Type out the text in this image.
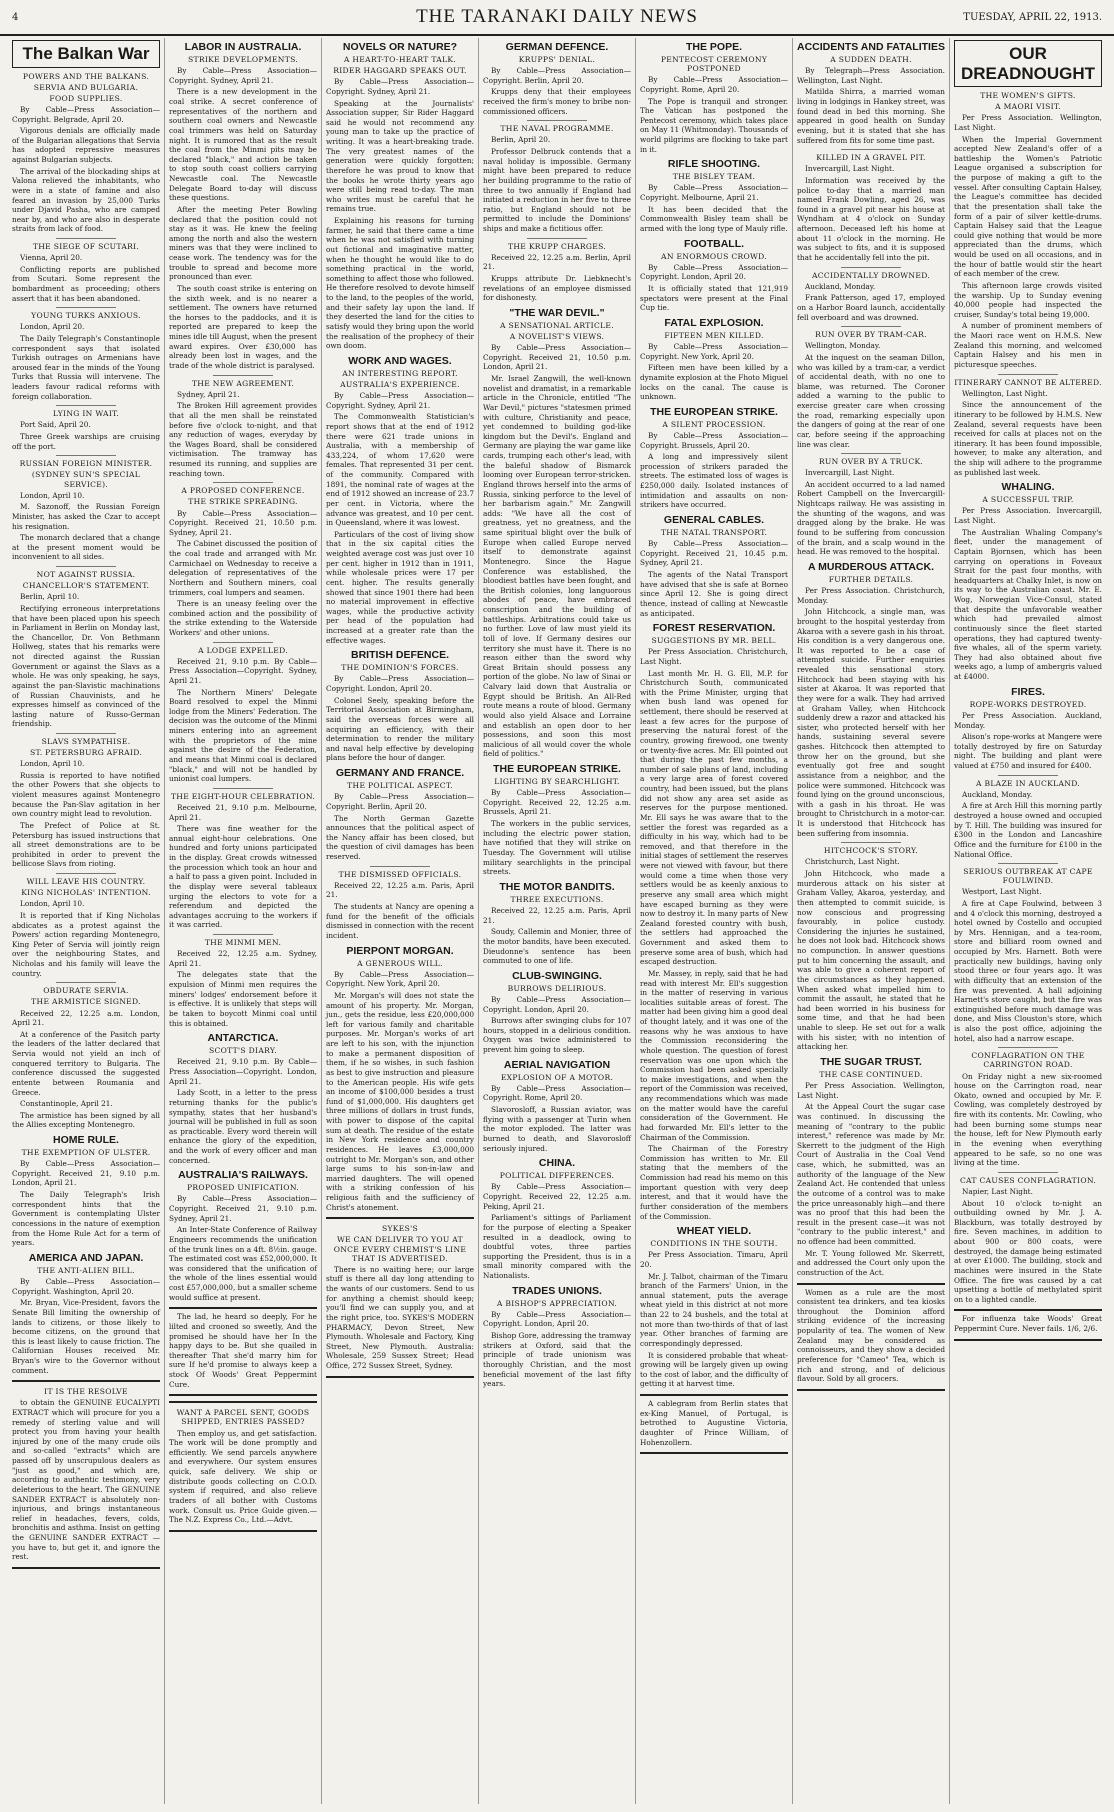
4	THE TARANAKI DAILY NEWS	TUESDAY, APRIL 22, 1913.
The Balkan War
POWERS AND THE BALKANS.
SERVIA AND BULGARIA.
FOOD SUPPLIES.
By Cable—Press Association—Copyright. Belgrade, April 20.
Vigorous denials are officially made of the Bulgarian allegations that Servia has adopted repressive measures against Bulgarian subjects.
The arrival of the blockading ships at Valona relieved the inhabitants, who were in a state of famine and also feared an invasion by 25,000 Turks under Djavid Pasha, who are camped near by, and who are also in desperate straits from lack of food.
THE SIEGE OF SCUTARI.
Vienna, April 20.
Conflicting reports are published from Scutari. Some represent the bombardment as proceeding; others assert that it has been abandoned.
YOUNG TURKS ANXIOUS.
London, April 20.
The Daily Telegraph's Constantinople correspondent says that isolated Turkish outrages on Armenians have aroused fear in the minds of the Young Turks that Russia will intervene. The leaders favour radical reforms with foreign collaboration.
LYING IN WAIT.
Port Said, April 20.
Three Greek warships are cruising off the port.
RUSSIAN FOREIGN MINISTER.
(SYDNEY SUN'S SPECIAL SERVICE).
London, April 10.
M. Sazonoff, the Russian Foreign Minister, has asked the Czar to accept his resignation.
The monarch declared that a change at the present moment would be inconvenient to all sides.
NOT AGAINST RUSSIA.
CHANCELLOR'S STATEMENT.
Berlin, April 10.
Rectifying erroneous interpretations that have been placed upon his speech in Parliament in Berlin on Monday last, the Chancellor, Dr. Von Bethmann Hollweg, states that his remarks were not directed against the Russian Government or against the Slavs as a whole. He was only speaking, he says, against the pan-Slavistic machinations of Russian Chauvinists, and he expresses himself as convinced of the lasting nature of Russo-German friendship.
SLAVS SYMPATHISE.
ST. PETERSBURG AFRAID.
London, April 10.
Russia is reported to have notified the other Powers that she objects to violent measures against Montenegro because the Pan-Slav agitation in her own country might lead to revolution.
The Prefect of Police at St. Petersburg has issued instructions that all street demonstrations are to be prohibited in order to prevent the bellicose Slavs from rioting.
WILL LEAVE HIS COUNTRY.
KING NICHOLAS' INTENTION.
London, April 10.
It is reported that if King Nicholas abdicates as a protest against the Powers' action regarding Montenegro, King Peter of Servia will jointly reign over the neighbouring States, and Nicholas and his family will leave the country.
OBDURATE SERVIA.
THE ARMISTICE SIGNED.
Received 22, 12.25 a.m. London, April 21.
At a conference of the Pasitch party the leaders of the latter declared that Servia would not yield an inch of conquered territory to Bulgaria. The conference discussed the suggested entente between Roumania and Greece.
Constantinople, April 21.
The armistice has been signed by all the Allies excepting Montenegro.
HOME RULE.
THE EXEMPTION OF ULSTER.
By Cable—Press Association—Copyright. Received 21, 9.10 p.m. London, April 21.
The Daily Telegraph's Irish correspondent hints that the Government is contemplating Ulster concessions in the nature of exemption from the Home Rule Act for a term of years.
AMERICA AND JAPAN.
THE ANTI-ALIEN BILL.
By Cable—Press Association—Copyright. Washington, April 20.
Mr. Bryan, Vice-President, favors the Senate Bill limiting the ownership of lands to citizens, or those likely to become citizens, on the ground that this is least likely to cause friction. The Californian Houses received Mr. Bryan's wire to the Governor without comment.
IT IS THE RESOLVE
to obtain the GENUINE EUCALYPTI EXTRACT which will procure for you a remedy of sterling value and will protect you from having your health injured by one of the many crude oils and so-called "extracts" which are passed off by unscrupulous dealers as "just as good," and which are, according to authentic testimony, very deleterious to the heart. The GENUINE SANDER EXTRACT is absolutely non-injurious, and brings instantaneous relief in headaches, fevers, colds, bronchitis and asthma. Insist on getting the GENUINE SANDER EXTRACT — you have to, but get it, and ignore the rest.
LABOR IN AUSTRALIA.
STRIKE DEVELOPMENTS.
By Cable—Press Association—Copyright. Sydney, April 21.
There is a new development in the coal strike. A secret conference of representatives of the northern and southern coal owners and Newcastle coal trimmers was held on Saturday night. It is rumored that as the result the coal from the Minmi pits may be declared "black," and action be taken to stop south coast colliers carrying Newcastle coal. The Newcastle Delegate Board to-day will discuss these questions.
After the meeting Peter Bowling declared that the position could not stay as it was. He knew the feeling among the north and also the western miners was that they were inclined to cease work. The tendency was for the trouble to spread and become more pronounced than ever.
The south coast strike is entering on the sixth week, and is no nearer a settlement. The owners have returned the horses to the paddocks, and it is reported are prepared to keep the mines idle till August, when the present award expires. Over £30,000 has already been lost in wages, and the trade of the whole district is paralysed.
THE NEW AGREEMENT.
Sydney, April 21.
The Broken Hill agreement provides that all the men shall be reinstated before five o'clock to-night, and that any reduction of wages, everyday by the Wages Board, shall be considered victimisation. The tramway has resumed its running, and supplies are reaching town.
A PROPOSED CONFERENCE.
THE STRIKE SPREADING.
By Cable—Press Association—Copyright. Received 21, 10.50 p.m. Sydney, April 21.
The Cabinet discussed the position of the coal trade and arranged with Mr. Carmichael on Wednesday to receive a delegation of representatives of the Northern and Southern miners, coal trimmers, coal lumpers and seamen.
There is an uneasy feeling over the combined action and the possibility of the strike extending to the Waterside Workers' and other unions.
A LODGE EXPELLED.
Received 21, 9.10 p.m. By Cable—Press Association—Copyright. Sydney, April 21.
The Northern Miners' Delegate Board resolved to expel the Minmi lodge from the Miners' Federation. The decision was the outcome of the Minmi miners entering into an agreement with the proprietors of the mine against the desire of the Federation, and means that Minmi coal is declared "black," and will not be handled by unionist coal lumpers.
THE EIGHT-HOUR CELEBRATION.
Received 21, 9.10 p.m. Melbourne, April 21.
There was fine weather for the annual eight-hour celebrations. One hundred and forty unions participated in the display. Great crowds witnessed the procession which took an hour and a half to pass a given point. Included in the display were several tableaux urging the electors to vote for a referendum and depicted the advantages accruing to the workers if it was carried.
THE MINMI MEN.
Received 22, 12.25 a.m. Sydney, April 21.
The delegates state that the expulsion of Minmi men requires the miners' lodges' endorsement before it is effective. It is unlikely that steps will be taken to boycott Minmi coal until this is obtained.
ANTARCTICA.
SCOTT'S DIARY.
Received 21, 9.10 p.m. By Cable—Press Association—Copyright. London, April 21.
Lady Scott, in a letter to the press returning thanks for the public's sympathy, states that her husband's journal will be published in full as soon as practicable. Every word therein will enhance the glory of the expedition, and the work of every officer and man concerned.
AUSTRALIA'S RAILWAYS.
PROPOSED UNIFICATION.
By Cable—Press Association—Copyright. Received 21, 9.10 p.m. Sydney, April 21.
An Inter-State Conference of Railway Engineers recommends the unification of the trunk lines on a 4ft. 8½in. gauge. The estimated cost was £52,000,000. It was considered that the unification of the whole of the lines essential would cost £57,000,000, but a smaller scheme would suffice at present.
The lad, he heard so deeply, For he lilted and crooned so sweetly, And the promised he should have her In the happy days to be. But she quailed in thereafter That she'd marry him for sure If he'd promise to always keep a stock Of Woods' Great Peppermint Cure.
WANT A PARCEL SENT, GOODS SHIPPED, ENTRIES PASSED?
Then employ us, and get satisfaction. The work will be done promptly and efficiently. We send parcels anywhere and everywhere. Our system ensures quick, safe delivery. We ship or distribute goods collecting on C.O.D. system if required, and also relieve traders of all bother with Customs work. Consult us. Price Guide given.—The N.Z. Express Co., Ltd.—Advt.
NOVELS OR NATURE?
A HEART-TO-HEART TALK.
RIDER HAGGARD SPEAKS OUT.
By Cable—Press Association—Copyright. Sydney, April 21.
Speaking at the Journalists' Association supper, Sir Rider Haggard said he would not recommend any young man to take up the practice of writing. It was a heart-breaking trade. The very greatest names of the generation were quickly forgotten; therefore he was proud to know that the books he wrote thirty years ago were still being read to-day. The man who writes must be careful that he remains true.
Explaining his reasons for turning farmer, he said that there came a time when he was not satisfied with turning out fictional and imaginative matter, when he thought he would like to do something practical in the world, something to affect those who followed. He therefore resolved to devote himself to the land, to the peoples of the world, and their safety lay upon the land. If they deserted the land for the cities to satisfy would they bring upon the world the realisation of the prophecy of their own doom.
WORK AND WAGES.
AN INTERESTING REPORT.
AUSTRALIA'S EXPERIENCE.
By Cable—Press Association—Copyright. Sydney, April 21.
The Commonwealth Statistician's report shows that at the end of 1912 there were 621 trade unions in Australia, with a membership of 433,224, of whom 17,620 were females. That represented 31 per cent. of the community. Compared with 1891, the nominal rate of wages at the end of 1912 showed an increase of 23.7 per cent. in Victoria, where the advance was greatest, and 10 per cent. in Queensland, where it was lowest.
Particulars of the cost of living show that in the six capital cities the weighted average cost was just over 10 per cent. higher in 1912 than in 1911, while wholesale prices were 17 per cent. higher. The results generally showed that since 1901 there had been no material improvement in effective wages, while the productive activity per head of the population had increased at a greater rate than the effective wages.
BRITISH DEFENCE.
THE DOMINION'S FORCES.
By Cable—Press Association—Copyright. London, April 20.
Colonel Seely, speaking before the Territorial Association at Birmingham, said the overseas forces were all acquiring an efficiency, with their determination to render the military and naval help effective by developing plans before the hour of danger.
GERMANY AND FRANCE.
THE POLITICAL ASPECT.
By Cable—Press Association—Copyright. Berlin, April 20.
The North German Gazette announces that the political aspect of the Nancy affair has been closed, but the question of civil damages has been reserved.
THE DISMISSED OFFICIALS.
Received 22, 12.25 a.m. Paris, April 21.
The students at Nancy are opening a fund for the benefit of the officials dismissed in connection with the recent incident.
PIERPONT MORGAN.
A GENEROUS WILL.
By Cable—Press Association—Copyright. New York, April 20.
Mr. Morgan's will does not state the amount of his property. Mr. Morgan, jun., gets the residue, less £20,000,000 left for various family and charitable purposes. Mr. Morgan's works of art are left to his son, with the injunction to make a permanent disposition of them, if he so wishes, in such fashion as best to give instruction and pleasure to the American people. His wife gets an income of $100,000 besides a trust fund of $1,000,000. His daughters get three millions of dollars in trust funds, with power to dispose of the capital sum at death. The residue of the estate in New York residence and country residences. He leaves £3,000,000 outright to Mr. Morgan's son, and other large sums to his son-in-law and married daughters. The will opened with a striking confession of his religious faith and the sufficiency of Christ's atonement.
SYKES'S
WE CAN DELIVER TO YOU AT ONCE EVERY CHEMIST'S LINE THAT IS ADVERTISED.
There is no waiting here; our large stuff is there all day long attending to the wants of our customers. Send to us for anything a chemist should keep; you'll find we can supply you, and at the right price, too. SYKES'S MODERN PHARMACY, Devon Street, New Plymouth. Wholesale and Factory, King Street, New Plymouth. Australia: Wholesale, 259 Sussex Street; Head Office, 272 Sussex Street, Sydney.
GERMAN DEFENCE.
KRUPPS' DENIAL.
By Cable—Press Association—Copyright. Berlin, April 20.
Krupps deny that their employees received the firm's money to bribe non-commissioned officers.
THE NAVAL PROGRAMME.
Berlin, April 20.
Professor Delbruck contends that a naval holiday is impossible. Germany might have been prepared to reduce her building programme to the ratio of three to two annually if England had initiated a reduction in her five to three ratio, but England should not be permitted to include the Dominions' ships and make a fictitious offer.
THE KRUPP CHARGES.
Received 22, 12.25 a.m. Berlin, April 21.
Krupps attribute Dr. Liebknecht's revelations of an employee dismissed for dishonesty.
"THE WAR DEVIL."
A SENSATIONAL ARTICLE.
A NOVELIST'S VIEWS.
By Cable—Press Association—Copyright. Received 21, 10.50 p.m. London, April 21.
Mr. Israel Zangwill, the well-known novelist and dramatist, in a remarkable article in the Chronicle, entitled "The War Devil," pictures "statesmen primed with culture, Christianity and peace, yet condemned to building god-like kingdom but the Devil's. England and Germany are playing the war game like cards, trumping each other's lead, with the baleful shadow of Bismarck looming over European terror-stricken. England throws herself into the arms of Russia, sinking perforce to the level of her barbarism again." Mr. Zangwill adds: "We have all the cost of greatness, yet no greatness, and the same spiritual blight over the bulk of Europe when called Europe nerved itself to demonstrate against Montenegro. Since the Hague Conference was established, the bloodiest battles have been fought, and the British colonies, long languorous abodes of peace, have embraced conscription and the building of battleships. Arbitrations could take us no further. Love of law must yield its toll of love. If Germany desires our territory she must have it. There is no reason either than the sword why Great Britain should possess any portion of the globe. No law of Sinai or Calvary laid down that Australia or Egypt should be British. An All-Red route means a route of blood. Germany would also yield Alsace and Lorraine and establish an open door to her possessions, and soon this most malicious of all would cover the whole field of politics."
THE EUROPEAN STRIKE.
LIGHTING BY SEARCHLIGHT.
By Cable—Press Association—Copyright. Received 22, 12.25 a.m. Brussels, April 21.
The workers in the public services, including the electric power station, have notified that they will strike on Tuesday. The Government will utilise military searchlights in the principal streets.
THE MOTOR BANDITS.
THREE EXECUTIONS.
Received 22, 12.25 a.m. Paris, April 21.
Soudy, Callemin and Monier, three of the motor bandits, have been executed. Dieudonne's sentence has been commuted to one of life.
CLUB-SWINGING.
BURROWS DELIRIOUS.
By Cable—Press Association—Copyright. London, April 20.
Burrows after swinging clubs for 107 hours, stopped in a delirious condition. Oxygen was twice administered to prevent him going to sleep.
AERIAL NAVIGATION
EXPLOSION OF A MOTOR.
By Cable—Press Association—Copyright. Rome, April 20.
Slavorosloff, a Russian aviator, was flying with a passenger at Turin when the motor exploded. The latter was burned to death, and Slavorosloff seriously injured.
CHINA.
POLITICAL DIFFERENCES.
By Cable—Press Association—Copyright. Received 22, 12.25 a.m. Peking, April 21.
Parliament's sittings of Parliament for the purpose of electing a Speaker resulted in a deadlock, owing to doubtful votes, three parties supporting the President, thus is in a small minority compared with the Nationalists.
TRADES UNIONS.
A BISHOP'S APPRECIATION.
By Cable—Press Association—Copyright. London, April 20.
Bishop Gore, addressing the tramway strikers at Oxford, said that the principle of trade unionism was thoroughly Christian, and the most beneficial movement of the last fifty years.
THE POPE.
PENTECOST CEREMONY POSTPONED
By Cable—Press Association—Copyright. Rome, April 20.
The Pope is tranquil and stronger. The Vatican has postponed the Pentecost ceremony, which takes place on May 11 (Whitmonday). Thousands of world pilgrims are flocking to take part in it.
RIFLE SHOOTING.
THE BISLEY TEAM.
By Cable—Press Association—Copyright. Melbourne, April 21.
It has been decided that the Commonwealth Bisley team shall be armed with the long type of Mauly rifle.
FOOTBALL.
AN ENORMOUS CROWD.
By Cable—Press Association—Copyright. London, April 20.
It is officially stated that 121,919 spectators were present at the Final Cup tie.
FATAL EXPLOSION.
FIFTEEN MEN KILLED.
By Cable—Press Association—Copyright. New York, April 20.
Fifteen men have been killed by a dynamite explosion at the Fhoto Miguel locks on the canal. The cause is unknown.
THE EUROPEAN STRIKE.
A SILENT PROCESSION.
By Cable—Press Association—Copyright. Brussels, April 20.
A long and impressively silent procession of strikers paraded the streets. The estimated loss of wages is £250,000 daily. Isolated instances of intimidation and assaults on non-strikers have occurred.
GENERAL CABLES.
THE NATAL TRANSPORT.
By Cable—Press Association—Copyright. Received 21, 10.45 p.m. Sydney, April 21.
The agents of the Natal Transport have advised that she is safe at Borneo since April 12. She is going direct thence, instead of calling at Newcastle as anticipated.
FOREST RESERVATION.
SUGGESTIONS BY MR. BELL.
Per Press Association. Christchurch, Last Night.
Last month Mr. H. G. Ell, M.P. for Christchurch South, communicated with the Prime Minister, urging that when bush land was opened for settlement, there should be reserved at least a few acres for the purpose of preserving the natural forest of the country, growing firewood, one twenty or twenty-five acres. Mr. Ell pointed out that during the past few months, a number of sale plans of land, including a very large area of forest covered country, had been issued, but the plans did not show any area set aside as reserves for the purpose mentioned. Mr. Ell says he was aware that to the settler the forest was regarded as a difficulty in his way, which had to be removed, and that therefore in the initial stages of settlement the reserves were not viewed with favour, but there would come a time when those very settlers would be as keenly anxious to preserve any small area which might have escaped burning as they were now to destroy it. In many parts of New Zealand forested country with bush, the settlers had approached the Government and asked them to preserve some area of bush, which had escaped destruction.
Mr. Massey, in reply, said that he had read with interest Mr. Ell's suggestion in the matter of reserving in various localities suitable areas of forest. The matter had been giving him a good deal of thought lately, and it was one of the reasons why he was anxious to have the Commission reconsidering the whole question. The question of forest reservation was one upon which the Commission had been asked specially to make investigations, and when the report of the Commission was received, any recommendations which was made on the matter would have the careful consideration of the Government. He had forwarded Mr. Ell's letter to the Chairman of the Commission.
The Chairman of the Forestry Commission has written to Mr. Ell stating that the members of the Commission had read his memo on this important question with very deep interest, and that it would have the further consideration of the members of the Commission.
WHEAT YIELD.
CONDITIONS IN THE SOUTH.
Per Press Association. Timaru, April 20.
Mr. J. Talbot, chairman of the Timaru branch of the Farmers' Union, in the annual statement, puts the average wheat yield in this district at not more than 22 to 24 bushels, and the total at not more than two-thirds of that of last year. Other branches of farming are correspondingly depressed.
It is considered probable that wheat-growing will be largely given up owing to the cost of labor, and the difficulty of getting it at harvest time.
A cablegram from Berlin states that ex-King Manuel, of Portugal, is betrothed to Augustine Victoria, daughter of Prince William, of Hohenzollern.
ACCIDENTS AND FATALITIES
A SUDDEN DEATH.
By Telegraph—Press Association. Wellington, Last Night.
Matilda Shirra, a married woman living in lodgings in Hankey street, was found dead in bed this morning. She appeared in good health on Sunday evening, but it is stated that she has suffered from fits for some time past.
KILLED IN A GRAVEL PIT.
Invercargill, Last Night.
Information was received by the police to-day that a married man named Frank Dowling, aged 26, was found in a gravel pit near his house at Wyndham at 4 o'clock on Sunday afternoon. Deceased left his home at about 11 o'clock in the morning. He was subject to fits, and it is supposed that he accidentally fell into the pit.
ACCIDENTALLY DROWNED.
Auckland, Monday.
Frank Patterson, aged 17, employed on a Harbor Board launch, accidentally fell overboard and was drowned.
RUN OVER BY TRAM-CAR.
Wellington, Monday.
At the inquest on the seaman Dillon, who was killed by a tram-car, a verdict of accidental death, with no one to blame, was returned. The Coroner added a warning to the public to exercise greater care when crossing the road, remarking especially upon the dangers of going at the rear of one car, before seeing if the approaching line was clear.
RUN OVER BY A TRUCK.
Invercargill, Last Night.
An accident occurred to a lad named Robert Campbell on the Invercargill-Nightcaps railway. He was assisting in the shunting of the wagons, and was dragged along by the brake. He was found to be suffering from concussion of the brain, and a scalp wound in the head. He was removed to the hospital.
A MURDEROUS ATTACK.
FURTHER DETAILS.
Per Press Association. Christchurch, Monday.
John Hitchcock, a single man, was brought to the hospital yesterday from Akaroa with a severe gash in his throat. His condition is a very dangerous one. It was reported to be a case of attempted suicide. Further enquiries revealed this sensational story. Hitchcock had been staying with his sister at Akaroa. It was reported that they were for a walk. They had arrived at Graham Valley, when Hitchcock suddenly drew a razor and attacked his sister, who protected herself with her hands, sustaining several severe gashes. Hitchcock then attempted to throw her on the ground, but she eventually got free and sought assistance from a neighbor, and the police were summoned. Hitchcock was found lying on the ground unconscious, with a gash in his throat. He was brought to Christchurch in a motor-car. It is understood that Hitchcock has been suffering from insomnia.
HITCHCOCK'S STORY.
Christchurch, Last Night.
John Hitchcock, who made a murderous attack on his sister at Graham Valley, Akaroa, yesterday, and then attempted to commit suicide, is now conscious and progressing favourably, in police custody. Considering the injuries he sustained, he does not look bad. Hitchcock shows no compunction. In answer questions put to him concerning the assault, and was able to give a coherent report of the circumstances as they happened. When asked what impelled him to commit the assault, he stated that he had been worried in his business for some time, and that he had been unable to sleep. He set out for a walk with his sister, with no intention of attacking her.
THE SUGAR TRUST.
THE CASE CONTINUED.
Per Press Association. Wellington, Last Night.
At the Appeal Court the sugar case was continued. In discussing the meaning of "contrary to the public interest," reference was made by Mr. Skerrett to the judgment of the High Court of Australia in the Coal Vend case, which, he submitted, was an authority of the language of the New Zealand Act. He contended that unless the outcome of a control was to make the price unreasonably high—and there was no proof that this had been the result in the present case—it was not "contrary to the public interest," and no offence had been committed.
Mr. T. Young followed Mr. Skerrett, and addressed the Court only upon the construction of the Act.
Women as a rule are the most consistent tea drinkers, and tea kiosks throughout the Dominion afford striking evidence of the increasing popularity of tea. The women of New Zealand may be considered as connoisseurs, and they show a decided preference for "Cameo" Tea, which is rich and strong, and of delicious flavour. Sold by all grocers.
OUR DREADNOUGHT
THE WOMEN'S GIFTS.
A MAORI VISIT.
Per Press Association. Wellington, Last Night.
When the Imperial Government accepted New Zealand's offer of a battleship the Women's Patriotic League organised a subscription for the purpose of making a gift to the vessel. After consulting Captain Halsey, the League's committee has decided that the presentation shall take the form of a pair of silver kettle-drums. Captain Halsey said that the League could give nothing that would be more appreciated than the drums, which would be used on all occasions, and in the hour of battle would stir the heart of each member of the crew.
This afternoon large crowds visited the warship. Up to Sunday evening 40,000 people had inspected the cruiser, Sunday's total being 19,000.
A number of prominent members of the Maori race went on H.M.S. New Zealand this morning, and welcomed Captain Halsey and his men in picturesque speeches.
ITINERARY CANNOT BE ALTERED.
Wellington, Last Night.
Since the announcement of the itinerary to be followed by H.M.S. New Zealand, several requests have been received for calls at places not on the itinerary. It has been found impossible, however, to make any alteration, and the ship will adhere to the programme as published last week.
WHALING.
A SUCCESSFUL TRIP.
Per Press Association. Invercargill, Last Night.
The Australian Whaling Company's fleet, under the management of Captain Bjornsen, which has been carrying on operations in Foveaux Strait for the past four months, with headquarters at Chalky Inlet, is now on its way to the Australian coast. Mr. E. Wog, Norwegian Vice-Consul, stated that despite the unfavorable weather which had prevailed almost continuously since the fleet started operations, they had captured twenty-five whales, all of the sperm variety. They had also obtained about five weeks ago, a lump of ambergris valued at £4000.
FIRES.
ROPE-WORKS DESTROYED.
Per Press Association. Auckland, Monday.
Alison's rope-works at Mangere were totally destroyed by fire on Saturday night. The building and plant were valued at £750 and insured for £400.
A BLAZE IN AUCKLAND.
Auckland, Monday.
A fire at Arch Hill this morning partly destroyed a house owned and occupied by T. Hill. The building was insured for £300 in the London and Lancashire Office and the furniture for £100 in the National Office.
SERIOUS OUTBREAK AT CAPE FOULWIND.
Westport, Last Night.
A fire at Cape Foulwind, between 3 and 4 o'clock this morning, destroyed a hotel owned by Costello and occupied by Mrs. Hennigan, and a tea-room, store and billiard room owned and occupied by Mrs. Harnett. Both were practically new buildings, having only stood three or four years ago. It was with difficulty that an extension of the fire was prevented. A hall adjoining Harnett's store caught, but the fire was extinguished before much damage was done, and Miss Clouston's store, which is also the post office, adjoining the hotel, also had a narrow escape.
CONFLAGRATION ON THE CARRINGTON ROAD.
On Friday night a new six-roomed house on the Carrington road, near Okato, owned and occupied by Mr. F. Cowling, was completely destroyed by fire with its contents. Mr. Cowling, who had been burning some stumps near the house, left for New Plymouth early in the evening when everything appeared to be safe, so no one was living at the time.
CAT CAUSES CONFLAGRATION.
Napier, Last Night.
About 10 o'clock to-night an outbuilding owned by Mr. J. A. Blackburn, was totally destroyed by fire. Seven machines, in addition to about 900 or 800 coats, were destroyed, the damage being estimated at over £1000. The building, stock and machines were insured in the State Office. The fire was caused by a cat upsetting a bottle of methylated spirit on to a lighted candle.
For influenza take Woods' Great Peppermint Cure. Never fails. 1/6, 2/6.
